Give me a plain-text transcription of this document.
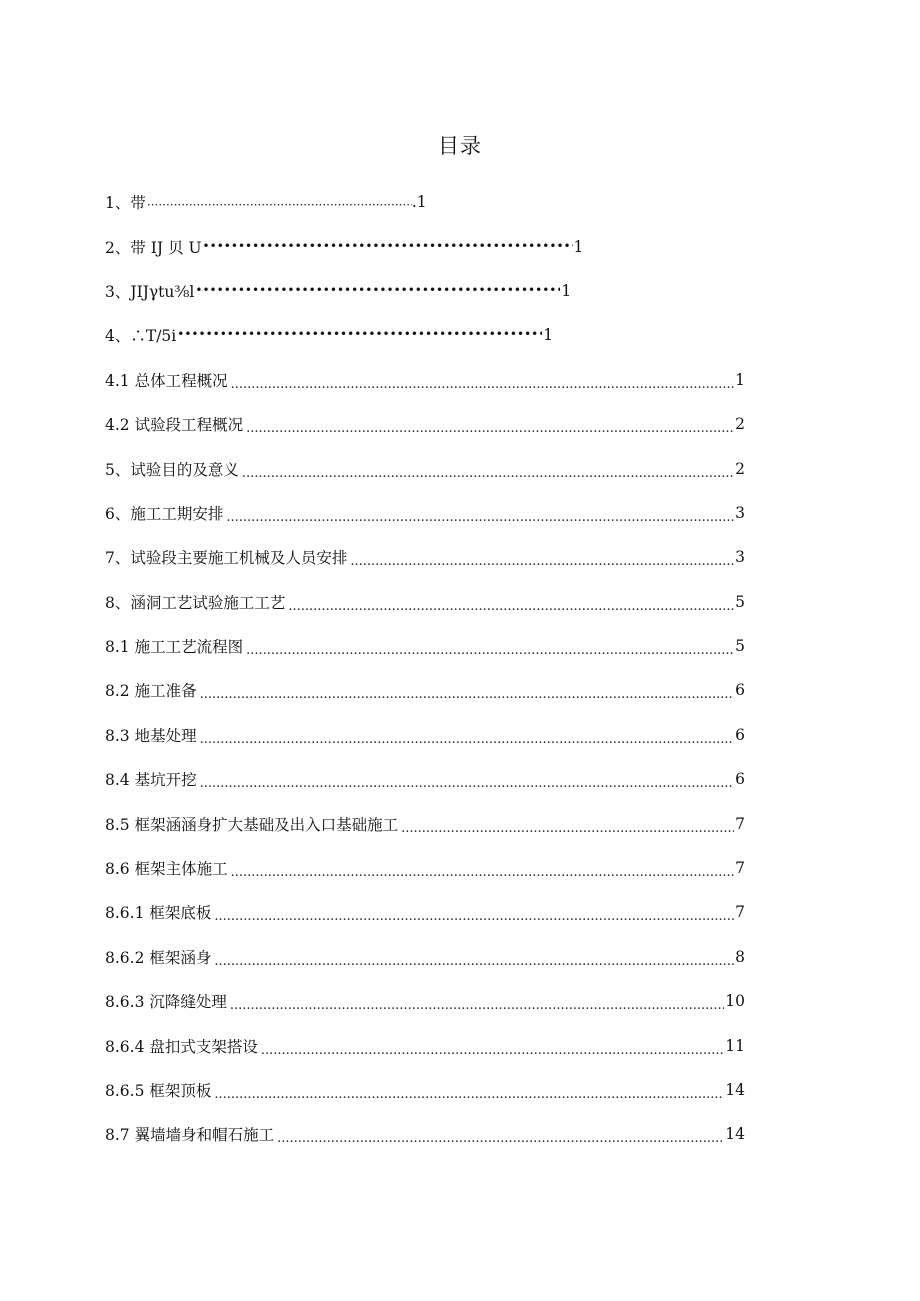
目录
1、带 ·····	.1
2、带 IJ 贝 U •••••	1
3、JIJγtu⅜l •••••	1
4、∴T∕5i •••••	1
4.1 总体工程概况 .....	1
4.2 试验段工程概况 .....	2
5、试验目的及意义 .....	2
6、施工工期安排 .....	3
7、试验段主要施工机械及人员安排 .....	3
8、涵洞工艺试验施工工艺 .....	5
8.1 施工工艺流程图 .....	5
8.2 施工准备 .....	6
8.3 地基处理 .....	6
8.4 基坑开挖 .....	6
8.5 框架涵涵身扩大基础及出入口基础施工 .....	7
8.6 框架主体施工 .....	7
8.6.1 框架底板 .....	7
8.6.2 框架涵身 .....	8
8.6.3 沉降缝处理 .....	10
8.6.4 盘扣式支架搭设 .....	11
8.6.5 框架顶板 .....	14
8.7 翼墙墙身和帽石施工 .....	14
